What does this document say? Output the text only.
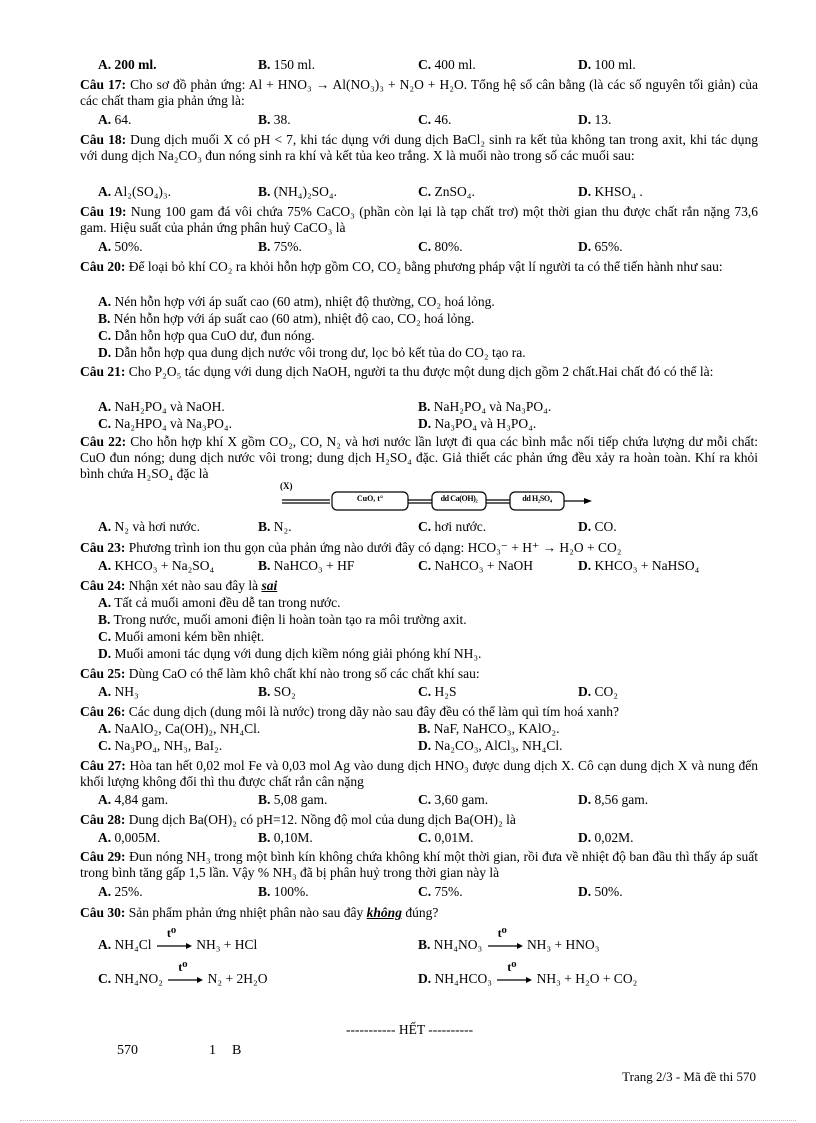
A. 200 ml.	B. 150 ml.	C. 400 ml.	D. 100 ml.
Câu 17: Cho sơ đồ phản ứng: Al + HNO₃ → Al(NO₃)₃ + N₂O + H₂O. Tổng hệ số cân bằng (là các số nguyên tối giản) của các chất tham gia phản ứng là:
A. 64.	B. 38.	C. 46.	D. 13.
Câu 18: Dung dịch muối X có pH < 7, khi tác dụng với dung dịch BaCl₂ sinh ra kết tủa không tan trong axit, khi tác dụng với dung dịch Na₂CO₃ đun nóng sinh ra khí và kết tủa keo trắng. X là muối nào trong số các muối sau:
A. Al₂(SO₄)₃.	B. (NH₄)₂SO₄.	C. ZnSO₄.	D. KHSO₄ .
Câu 19: Nung 100 gam đá vôi chứa 75% CaCO₃ (phần còn lại là tạp chất trơ) một thời gian thu được chất rắn nặng 73,6 gam. Hiệu suất của phản ứng phân huỷ CaCO₃ là
A. 50%.	B. 75%.	C. 80%.	D. 65%.
Câu 20: Để loại bỏ khí CO₂ ra khỏi hỗn hợp gồm CO, CO₂ bằng phương pháp vật lí người ta có thể tiến hành như sau:
A. Nén hỗn hợp với áp suất cao (60 atm), nhiệt độ thường, CO₂ hoá lỏng.
B. Nén hỗn hợp với áp suất cao (60 atm), nhiệt độ cao, CO₂ hoá lỏng.
C. Dẫn hỗn hợp qua CuO dư, đun nóng.
D. Dẫn hỗn hợp qua dung dịch nước vôi trong dư, lọc bỏ kết tủa do CO₂ tạo ra.
Câu 21: Cho P₂O₅ tác dụng với dung dịch NaOH, người ta thu được một dung dịch gồm 2 chất.Hai chất đó có thể là:
A. NaH₂PO₄ và NaOH.	B. NaH₂PO₄ và Na₃PO₄.
C. Na₂HPO₄ và Na₃PO₄.	D. Na₃PO₄ và H₃PO₄.
Câu 22: Cho hỗn hợp khí X gồm CO₂, CO, N₂ và hơi nước lần lượt đi qua các bình mắc nối tiếp chứa lượng dư mỗi chất: CuO đun nóng; dung dịch nước vôi trong; dung dịch H₂SO₄ đặc. Giả thiết các phản ứng đều xảy ra hoàn toàn. Khí ra khỏi bình chứa H₂SO₄ đặc là
(X)
CuO, t°	dd Ca(OH)₂	dd H₂SO₄
A. N₂ và hơi nước.	B. N₂.	C. hơi nước.	D. CO.
Câu 23: Phương trình ion thu gọn của phản ứng nào dưới đây có dạng: HCO₃⁻ + H⁺ → H₂O + CO₂
A. KHCO₃ + Na₂SO₄	B. NaHCO₃ + HF	C. NaHCO₃ + NaOH	D. KHCO₃ + NaHSO₄
Câu 24: Nhận xét nào sau đây là sai
A. Tất cả muối amoni đều dễ tan trong nước.
B. Trong nước, muối amoni điện li hoàn toàn tạo ra môi trường axit.
C. Muối amoni kém bền nhiệt.
D. Muối amoni tác dụng với dung dịch kiềm nóng giải phóng khí NH₃.
Câu 25: Dùng CaO có thể làm khô chất khí nào trong số các chất khí sau:
A. NH₃	B. SO₂	C. H₂S	D. CO₂
Câu 26: Các dung dịch (dung môi là nước) trong dãy nào sau đây đều có thể làm quì tím hoá xanh?
A. NaAlO₂, Ca(OH)₂, NH₄Cl.	B. NaF, NaHCO₃, KAlO₂.
C. Na₃PO₄, NH₃, BaI₂.	D. Na₂CO₃, AlCl₃, NH₄Cl.
Câu 27: Hòa tan hết 0,02 mol Fe và 0,03 mol Ag vào dung dịch HNO₃ được dung dịch X. Cô cạn dung dịch X và nung đến khối lượng không đổi thì thu được chất rắn cân nặng
A. 4,84 gam.	B. 5,08 gam.	C. 3,60 gam.	D. 8,56 gam.
Câu 28: Dung dịch Ba(OH)₂ có pH=12. Nồng độ mol của dung dịch Ba(OH)₂ là
A. 0,005M.	B. 0,10M.	C. 0,01M.	D. 0,02M.
Câu 29: Đun nóng NH₃ trong một bình kín không chứa không khí một thời gian, rồi đưa về nhiệt độ ban đầu thì thấy áp suất trong bình tăng gấp 1,5 lần. Vậy % NH₃ đã bị phân huỷ trong thời gian này là
A. 25%.	B. 100%.	C. 75%.	D. 50%.
Câu 30: Sản phẩm phản ứng nhiệt phân nào sau đây không đúng?
A. NH₄Cl
t⁰
NH₃ + HCl	B. NH₄NO₃
t⁰
NH₃ + HNO₃
C. NH₄NO₂
t⁰
N₂ + 2H₂O	D. NH₄HCO₃
t⁰
NH₃ + H₂O + CO₂
----------- HẾT ----------
570	1 B
Trang 2/3 - Mã đề thi 570
